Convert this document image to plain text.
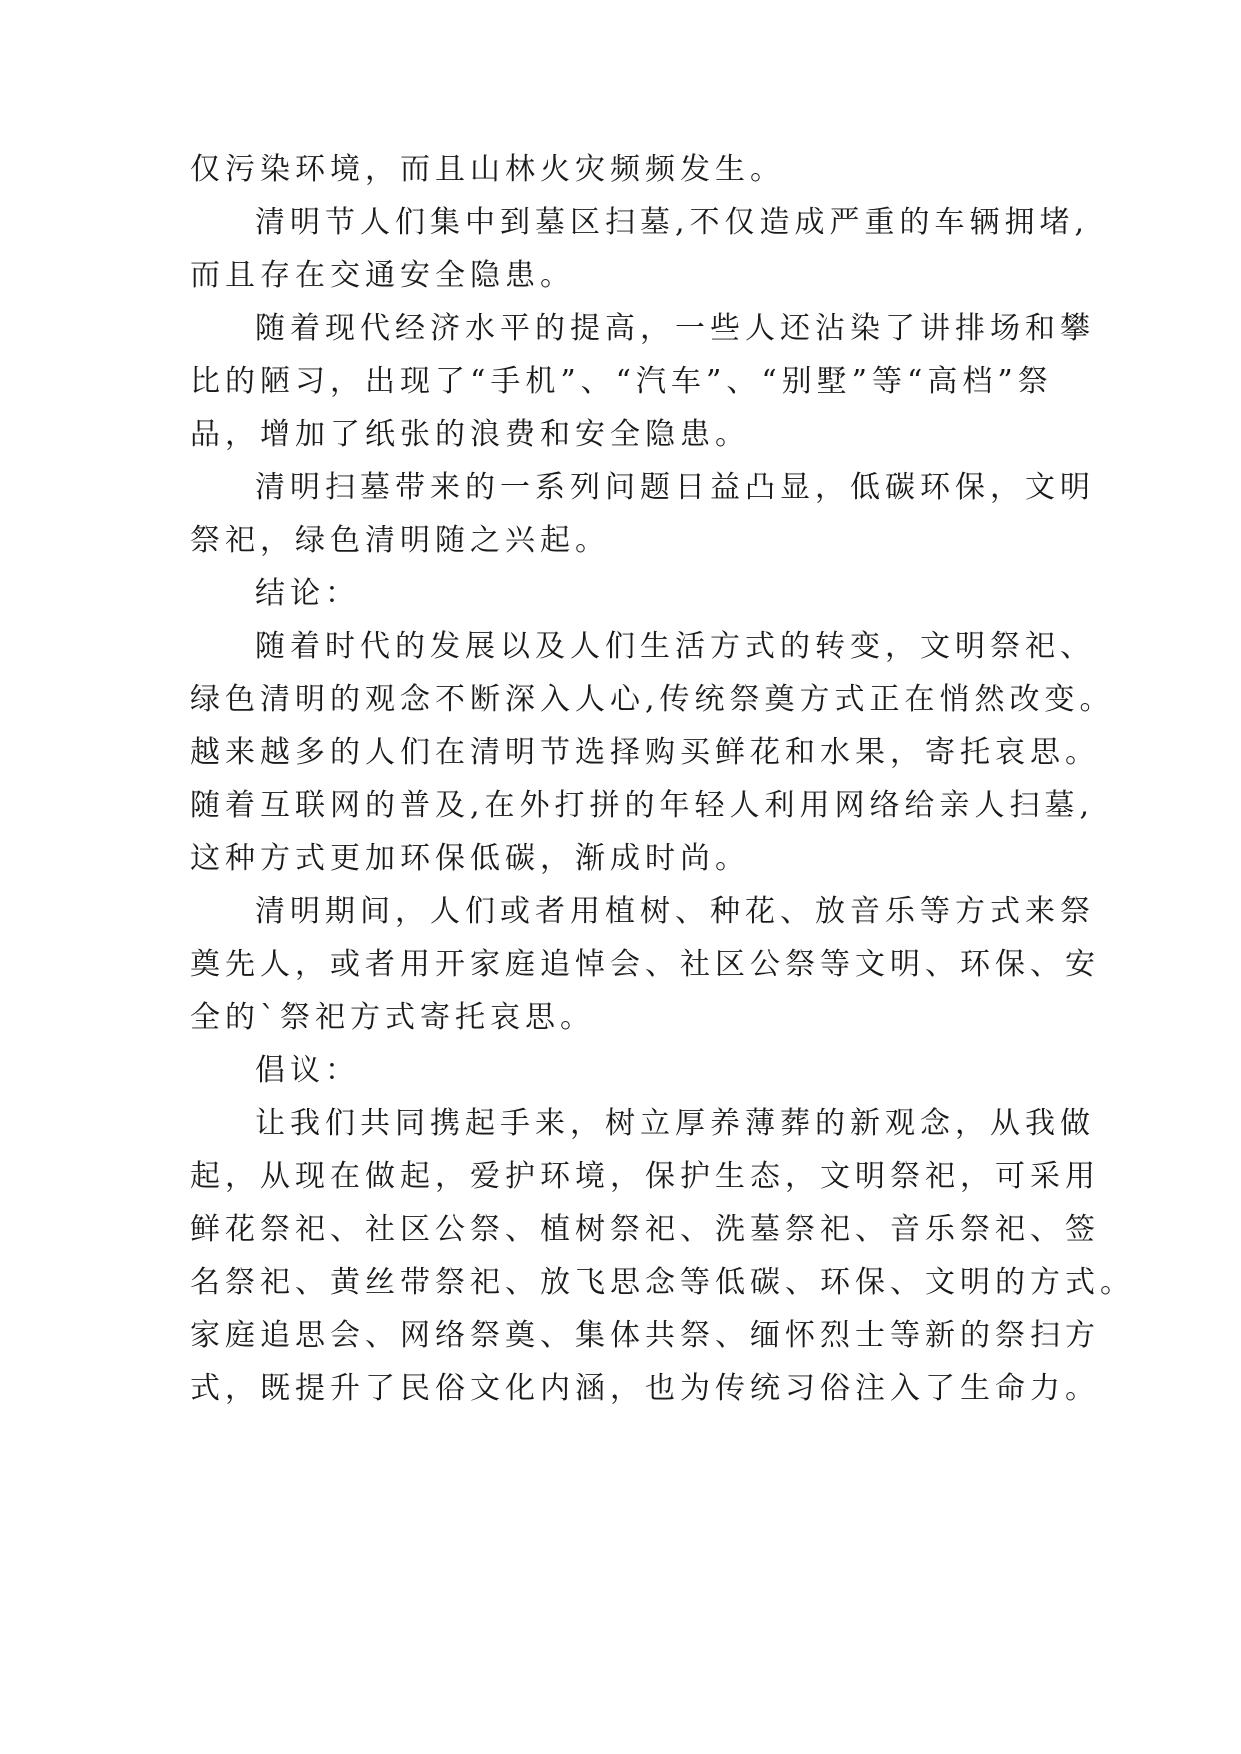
仅污染环境，而且山林火灾频频发生。

清明节人们集中到墓区扫墓,不仅造成严重的车辆拥堵,

而且存在交通安全隐患。

随着现代经济水平的提高，一些人还沾染了讲排场和攀

比的陋习，出现了“手机”、“汽车”、“别墅”等“高档”祭

品，增加了纸张的浪费和安全隐患。

清明扫墓带来的一系列问题日益凸显，低碳环保，文明

祭祀，绿色清明随之兴起。

结论：

随着时代的发展以及人们生活方式的转变，文明祭祀、

绿色清明的观念不断深入人心,传统祭奠方式正在悄然改变。

越来越多的人们在清明节选择购买鲜花和水果，寄托哀思。

随着互联网的普及,在外打拼的年轻人利用网络给亲人扫墓,

这种方式更加环保低碳，渐成时尚。

清明期间，人们或者用植树、种花、放音乐等方式来祭

奠先人，或者用开家庭追悼会、社区公祭等文明、环保、安

全的`祭祀方式寄托哀思。

倡议：

让我们共同携起手来，树立厚养薄葬的新观念，从我做

起，从现在做起，爱护环境，保护生态，文明祭祀，可采用

鲜花祭祀、社区公祭、植树祭祀、洗墓祭祀、音乐祭祀、签

名祭祀、黄丝带祭祀、放飞思念等低碳、环保、文明的方式。

家庭追思会、网络祭奠、集体共祭、缅怀烈士等新的祭扫方

式，既提升了民俗文化内涵，也为传统习俗注入了生命力。
